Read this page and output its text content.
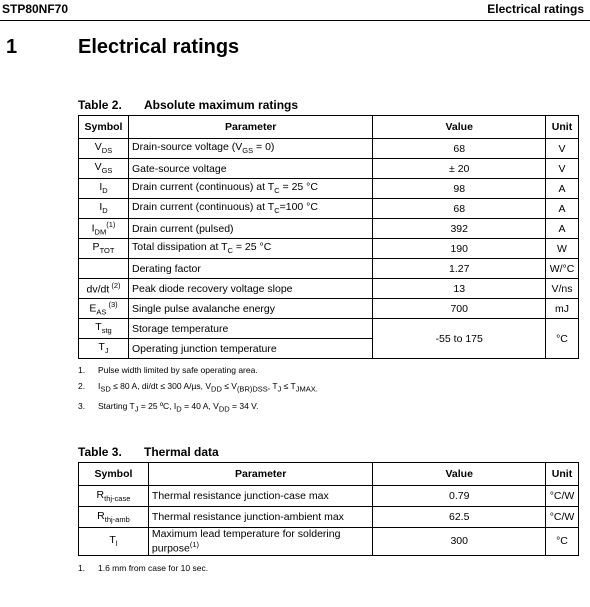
STP80NF70	Electrical ratings
1	Electrical ratings
Table 2. Absolute maximum ratings
Symbol	Parameter	Value	Unit
$V_{DS}$	Drain-source voltage $(V_{GS} = 0)$	68	V
$V_{GS}$	Gate-source voltage	± 20	V
$I_D$	Drain current (continuous) at $T_C = 25$ °C	98	A
$I_D$	Drain current (continuous) at $T_C=100$ °C	68	A
$I_{DM}^{(1)}$	Drain current (pulsed)	392	A
$P_{TOT}$	Total dissipation at $T_C = 25$ °C	190	W
	Derating factor	1.27	W/°C
dv/dt $^{(2)}$	Peak diode recovery voltage slope	13	V/ns
$E_{AS}$ $^{(3)}$	Single pulse avalanche energy	700	mJ
$T_{stg}$	Storage temperature	-55 to 175	°C
$T_J$	Operating junction temperature		
1. Pulse width limited by safe operating area.
2. $I_{SD} \le 80$ A, di/dt ≤ 300 A/µs, $V_{DD} \le V_{(BR)DSS}$, $T_J \le T_{JMAX.}$
3. Starting $T_J = 25$ ºC, $I_D = 40$ A, $V_{DD} = 34$ V.
Table 3. Thermal data
Symbol	Parameter	Value	Unit
$R_{thj-case}$	Thermal resistance junction-case max	0.79	°C/W
$R_{thj-amb}$	Thermal resistance junction-ambient max	62.5	°C/W
$T_l$	Maximum lead temperature for soldering purpose$^{(1)}$	300	°C
1. 1.6 mm from case for 10 sec.
